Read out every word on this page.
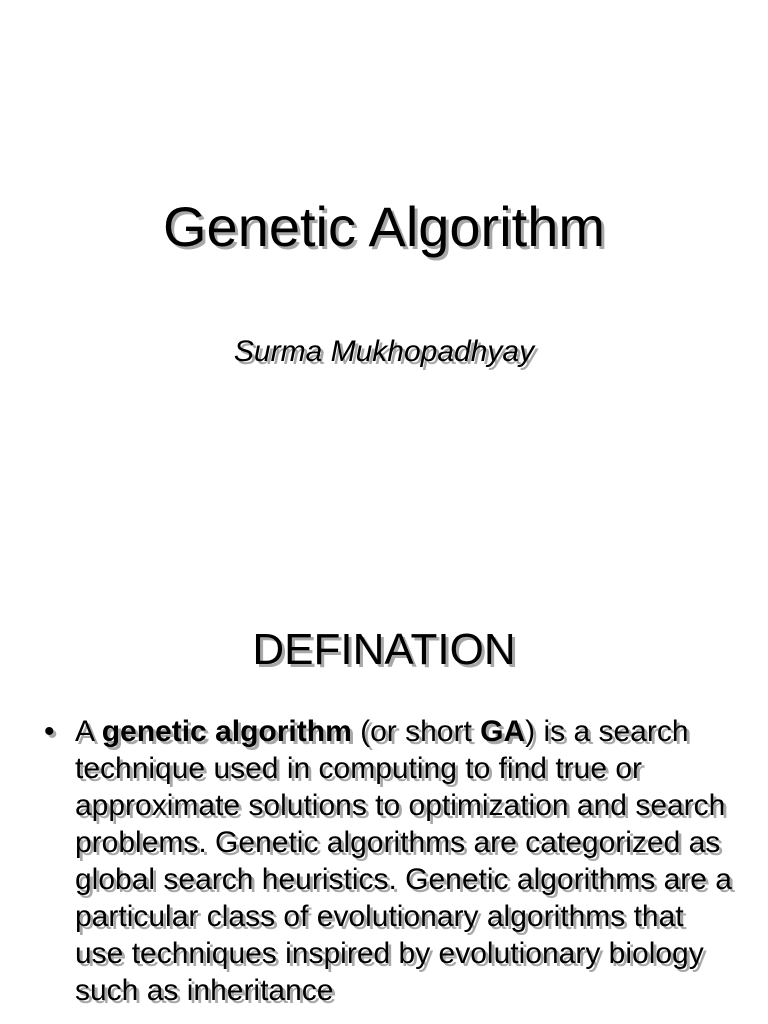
Genetic Algorithm

Surma Mukhopadhyay

DEFINATION
• A genetic algorithm (or short GA) is a search technique used in computing to find true or approximate solutions to optimization and search problems. Genetic algorithms are categorized as global search heuristics. Genetic algorithms are a particular class of evolutionary algorithms that use techniques inspired by evolutionary biology such as inheritance
